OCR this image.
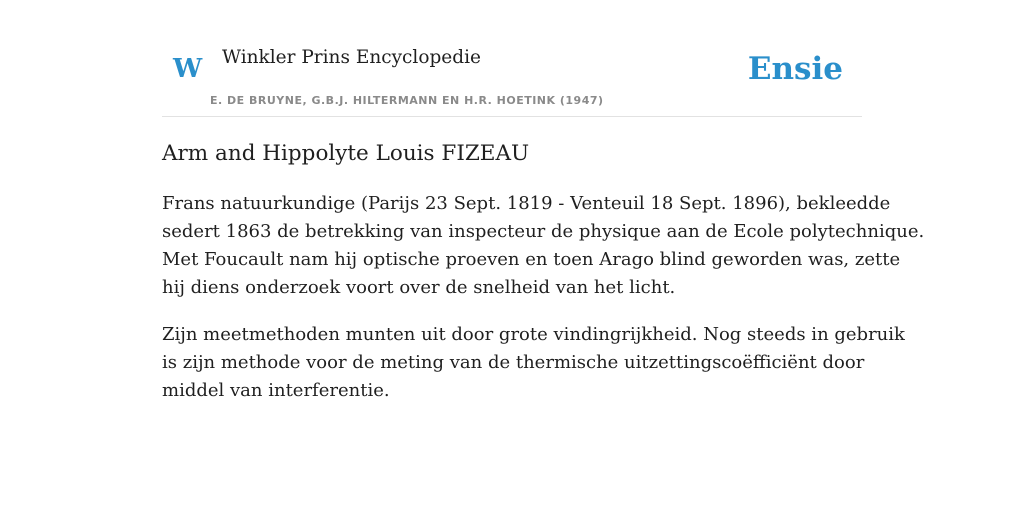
W Winkler Prins Encyclopedie
E. DE BRUYNE, G.B.J. HILTERMANN EN H.R. HOETINK (1947)
Ensie
Arm and Hippolyte Louis FIZEAU

Frans natuurkundige (Parijs 23 Sept. 1819 - Venteuil 18 Sept. 1896), bekleedde
sedert 1863 de betrekking van inspecteur de physique aan de Ecole polytechnique.
Met Foucault nam hij optische proeven en toen Arago blind geworden was, zette
hij diens onderzoek voort over de snelheid van het licht.

Zijn meetmethoden munten uit door grote vindingrijkheid. Nog steeds in gebruik
is zijn methode voor de meting van de thermische uitzettingscoëfficiënt door
middel van interferentie.
